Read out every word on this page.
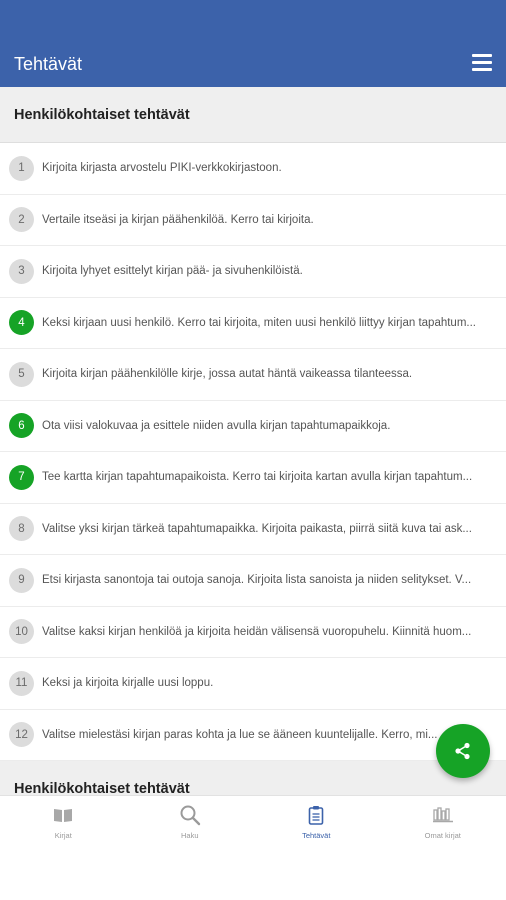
Tehtävät
Henkilökohtaiset tehtävät
1	Kirjoita kirjasta arvostelu PIKI-verkkokirjastoon.
2	Vertaile itseäsi ja kirjan päähenkilöä. Kerro tai kirjoita.
3	Kirjoita lyhyet esittelyt kirjan pää- ja sivuhenkilöistä.
4	Keksi kirjaan uusi henkilö. Kerro tai kirjoita, miten uusi henkilö liittyy kirjan tapahtum...
5	Kirjoita kirjan päähenkilölle kirje, jossa autat häntä vaikeassa tilanteessa.
6	Ota viisi valokuvaa ja esittele niiden avulla kirjan tapahtumapaikkoja.
7	Tee kartta kirjan tapahtumapaikoista. Kerro tai kirjoita kartan avulla kirjan tapahtum...
8	Valitse yksi kirjan tärkeä tapahtumapaikka. Kirjoita paikasta, piirrä siitä kuva tai ask...
9	Etsi kirjasta sanontoja tai outoja sanoja. Kirjoita lista sanoista ja niiden selitykset. V...
10	Valitse kaksi kirjan henkilöä ja kirjoita heidän välisensä vuoropuhelu. Kiinnitä huom...
11	Keksi ja kirjoita kirjalle uusi loppu.
12	Valitse mielestäsi kirjan paras kohta ja lue se ääneen kuuntelijalle. Kerro, mi...
Henkilökohtaiset tehtävät
Kirjat	Haku	Tehtävät	Omat kirjat
